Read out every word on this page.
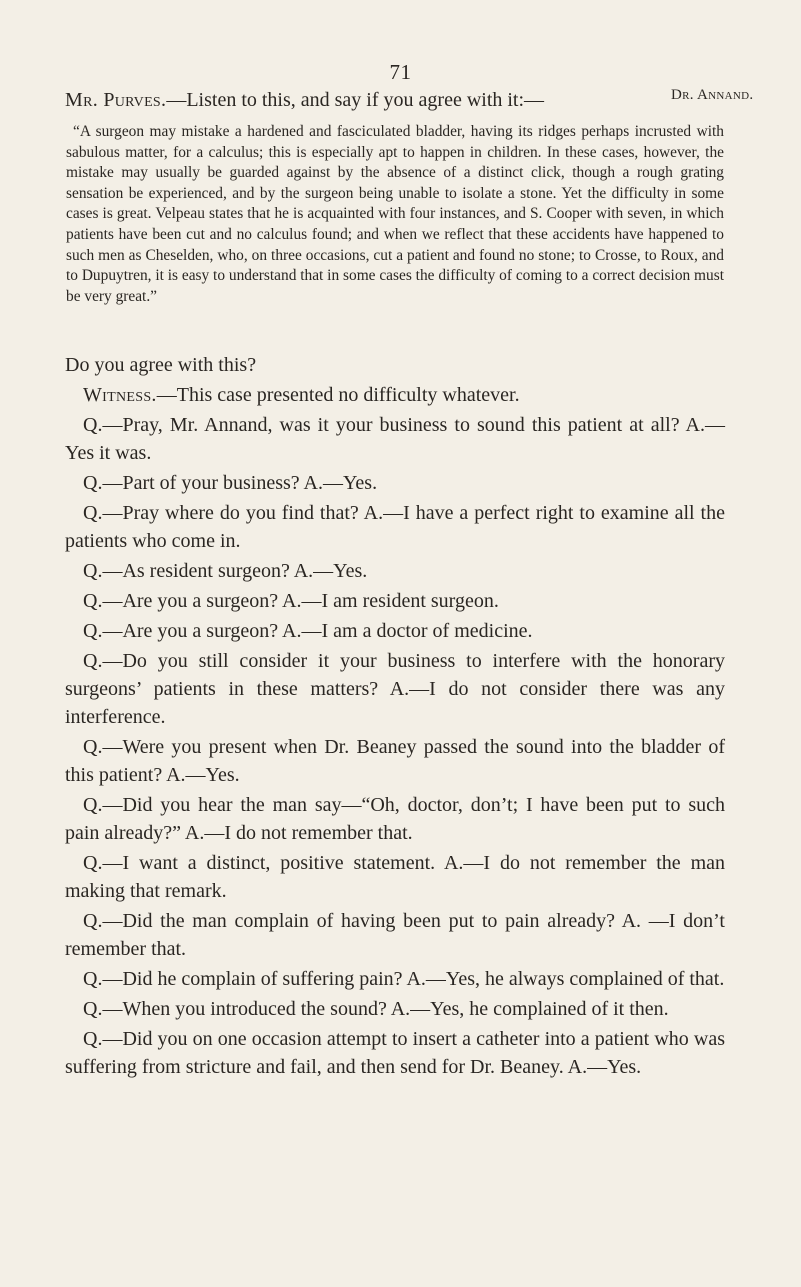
71
Dr. Annand.

Mr. Purves.—Listen to this, and say if you agree with it:—

“A surgeon may mistake a hardened and fasciculated bladder, having its ridges perhaps incrusted with sabulous matter, for a calculus; this is especially apt to happen in children. In these cases, however, the mistake may usually be guarded against by the absence of a distinct click, though a rough grating sensation be experienced, and by the surgeon being unable to isolate a stone. Yet the difficulty in some cases is great. Velpeau states that he is acquainted with four instances, and S. Cooper with seven, in which patients have been cut and no calculus found; and when we reflect that these accidents have happened to such men as Cheselden, who, on three occasions, cut a patient and found no stone; to Crosse, to Roux, and to Dupuytren, it is easy to understand that in some cases the difficulty of coming to a correct decision must be very great.”

Do you agree with this?

Witness.—This case presented no difficulty whatever.

Q.—Pray, Mr. Annand, was it your business to sound this patient at all? A.—Yes it was.

Q.—Part of your business? A.—Yes.

Q.—Pray where do you find that? A.—I have a perfect right to examine all the patients who come in.

Q.—As resident surgeon? A.—Yes.

Q.—Are you a surgeon? A.—I am resident surgeon.

Q.—Are you a surgeon? A.—I am a doctor of medicine.

Q.—Do you still consider it your business to interfere with the honorary surgeons’ patients in these matters? A.—I do not consider there was any interference.

Q.—Were you present when Dr. Beaney passed the sound into the bladder of this patient? A.—Yes.

Q.—Did you hear the man say—“Oh, doctor, don’t; I have been put to such pain already?” A.—I do not remember that.

Q.—I want a distinct, positive statement. A.—I do not remember the man making that remark.

Q.—Did the man complain of having been put to pain already? A. —I don’t remember that.

Q.—Did he complain of suffering pain? A.—Yes, he always complained of that.

Q.—When you introduced the sound? A.—Yes, he complained of it then.

Q.—Did you on one occasion attempt to insert a catheter into a patient who was suffering from stricture and fail, and then send for Dr. Beaney. A.—Yes.
